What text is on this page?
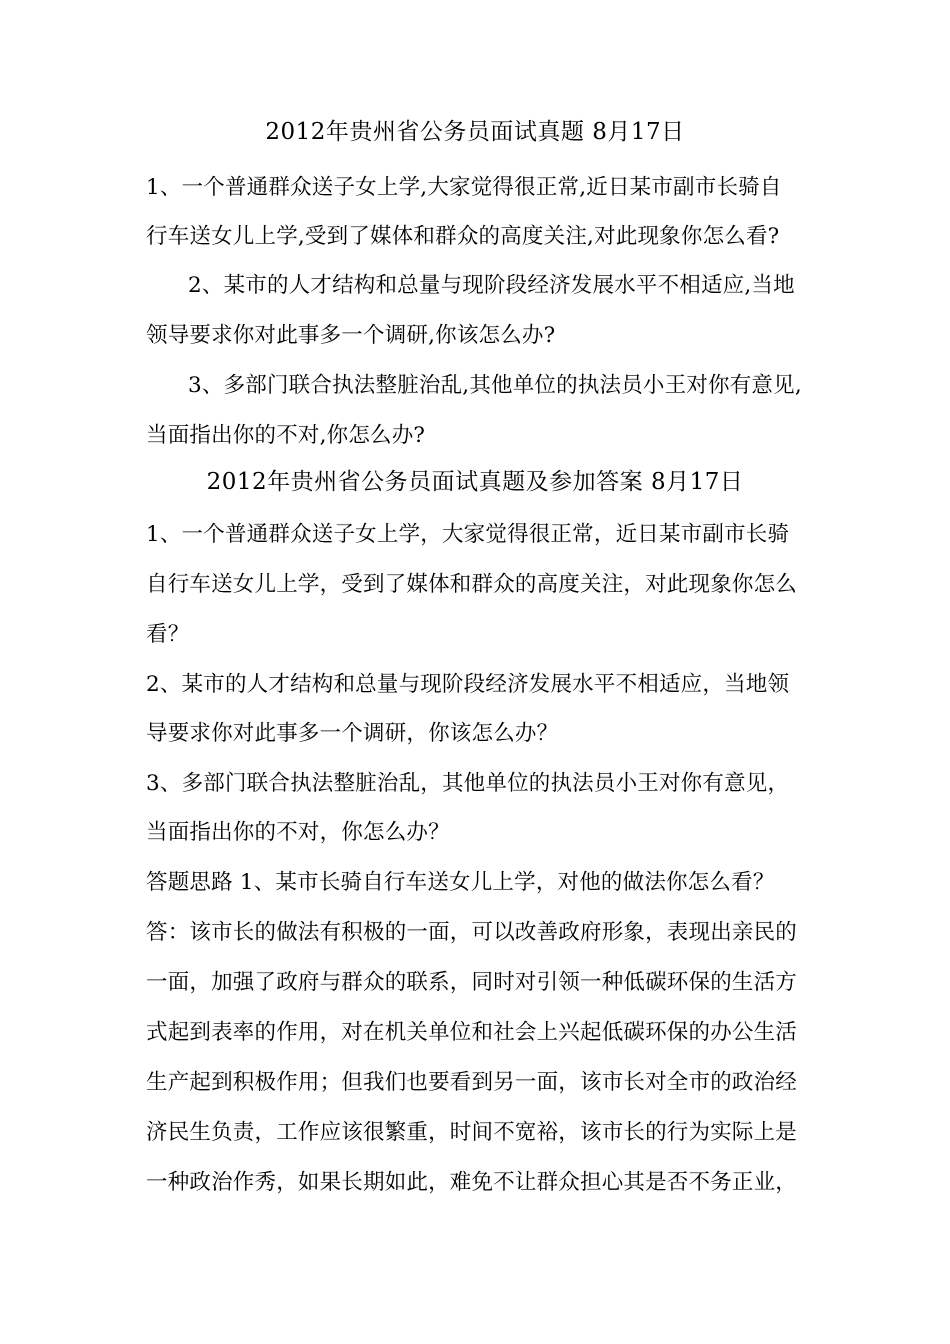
2012年贵州省公务员面试真题 8月17日
1、一个普通群众送子女上学,大家觉得很正常,近日某市副市长骑自
行车送女儿上学,受到了媒体和群众的高度关注,对此现象你怎么看?
2、某市的人才结构和总量与现阶段经济发展水平不相适应,当地
领导要求你对此事多一个调研,你该怎么办?
3、多部门联合执法整脏治乱,其他单位的执法员小王对你有意见,
当面指出你的不对,你怎么办?
2012年贵州省公务员面试真题及参加答案 8月17日
1、一个普通群众送子女上学，大家觉得很正常，近日某市副市长骑
自行车送女儿上学，受到了媒体和群众的高度关注，对此现象你怎么
看？
2、某市的人才结构和总量与现阶段经济发展水平不相适应，当地领
导要求你对此事多一个调研，你该怎么办？
3、多部门联合执法整脏治乱，其他单位的执法员小王对你有意见，
当面指出你的不对，你怎么办？
答题思路 1、某市长骑自行车送女儿上学，对他的做法你怎么看？
答：该市长的做法有积极的一面，可以改善政府形象，表现出亲民的
一面，加强了政府与群众的联系，同时对引领一种低碳环保的生活方
式起到表率的作用，对在机关单位和社会上兴起低碳环保的办公生活
生产起到积极作用；但我们也要看到另一面，该市长对全市的政治经
济民生负责，工作应该很繁重，时间不宽裕，该市长的行为实际上是
一种政治作秀，如果长期如此，难免不让群众担心其是否不务正业，
